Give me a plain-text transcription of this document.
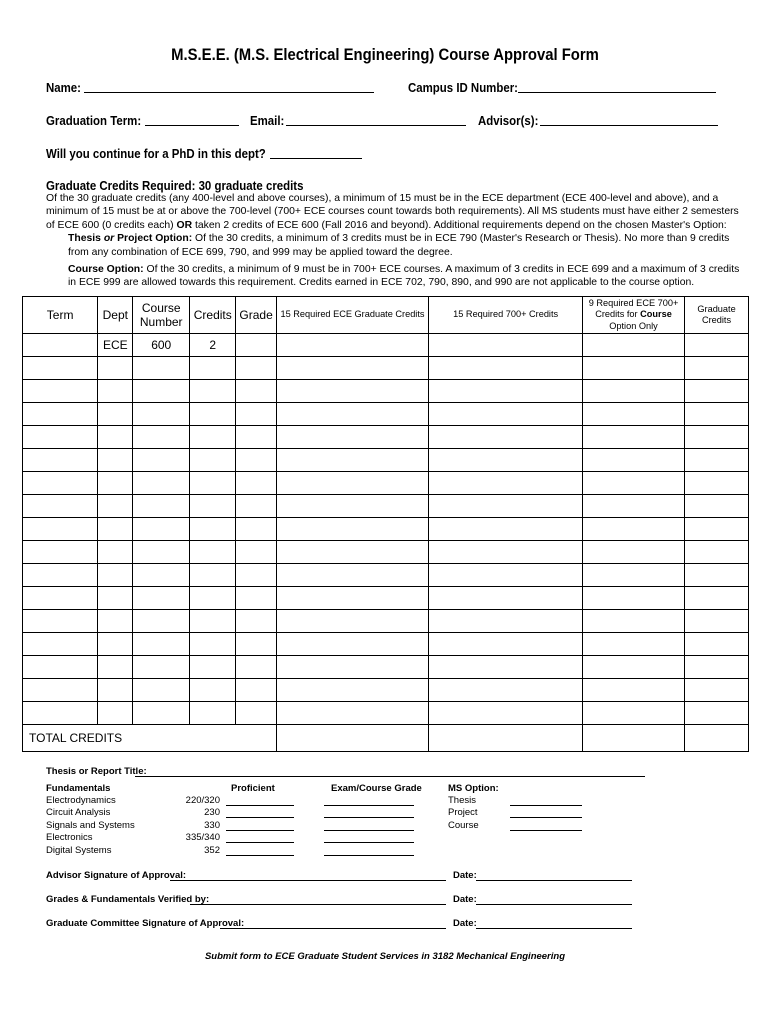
M.S.E.E. (M.S. Electrical Engineering) Course Approval Form
Name:	Campus ID Number:
Graduation Term:	Email:	Advisor(s):
Will you continue for a PhD in this dept?
Graduate Credits Required: 30 graduate credits

Of the 30 graduate credits (any 400-level and above courses), a minimum of 15 must be in the ECE department (ECE 400-level and above), and a minimum of 15 must be at or above the 700-level (700+ ECE courses count towards both requirements). All MS students must have either 2 semesters of ECE 600 (0 credits each) OR taken 2 credits of ECE 600 (Fall 2016 and beyond). Additional requirements depend on the chosen Master's Option:

Thesis or Project Option: Of the 30 credits, a minimum of 3 credits must be in ECE 790 (Master's Research or Thesis). No more than 9 credits from any combination of ECE 699, 790, and 999 may be applied toward the degree.

Course Option: Of the 30 credits, a minimum of 9 must be in 700+ ECE courses. A maximum of 3 credits in ECE 699 and a maximum of 3 credits in ECE 999 are allowed towards this requirement. Credits earned in ECE 702, 790, 890, and 990 are not applicable to the course option.

Term	Dept	Course Number	Credits	Grade	15 Required ECE Graduate Credits	15 Required 700+ Credits	9 Required ECE 700+ Credits for Course Option Only	Graduate Credits
	ECE	600	2					

TOTAL CREDITS								
Thesis or Report Title:
Fundamentals	Proficient	Exam/Course Grade	MS Option:
Electrodynamics	220/320
Circuit Analysis	230
Signals and Systems	330
Electronics	335/340
Digital Systems	352
Thesis
Project
Course
Advisor Signature of Approval:	Date:
Grades & Fundamentals Verified by:	Date:
Graduate Committee Signature of Approval:	Date:
Submit form to ECE Graduate Student Services in 3182 Mechanical Engineering
